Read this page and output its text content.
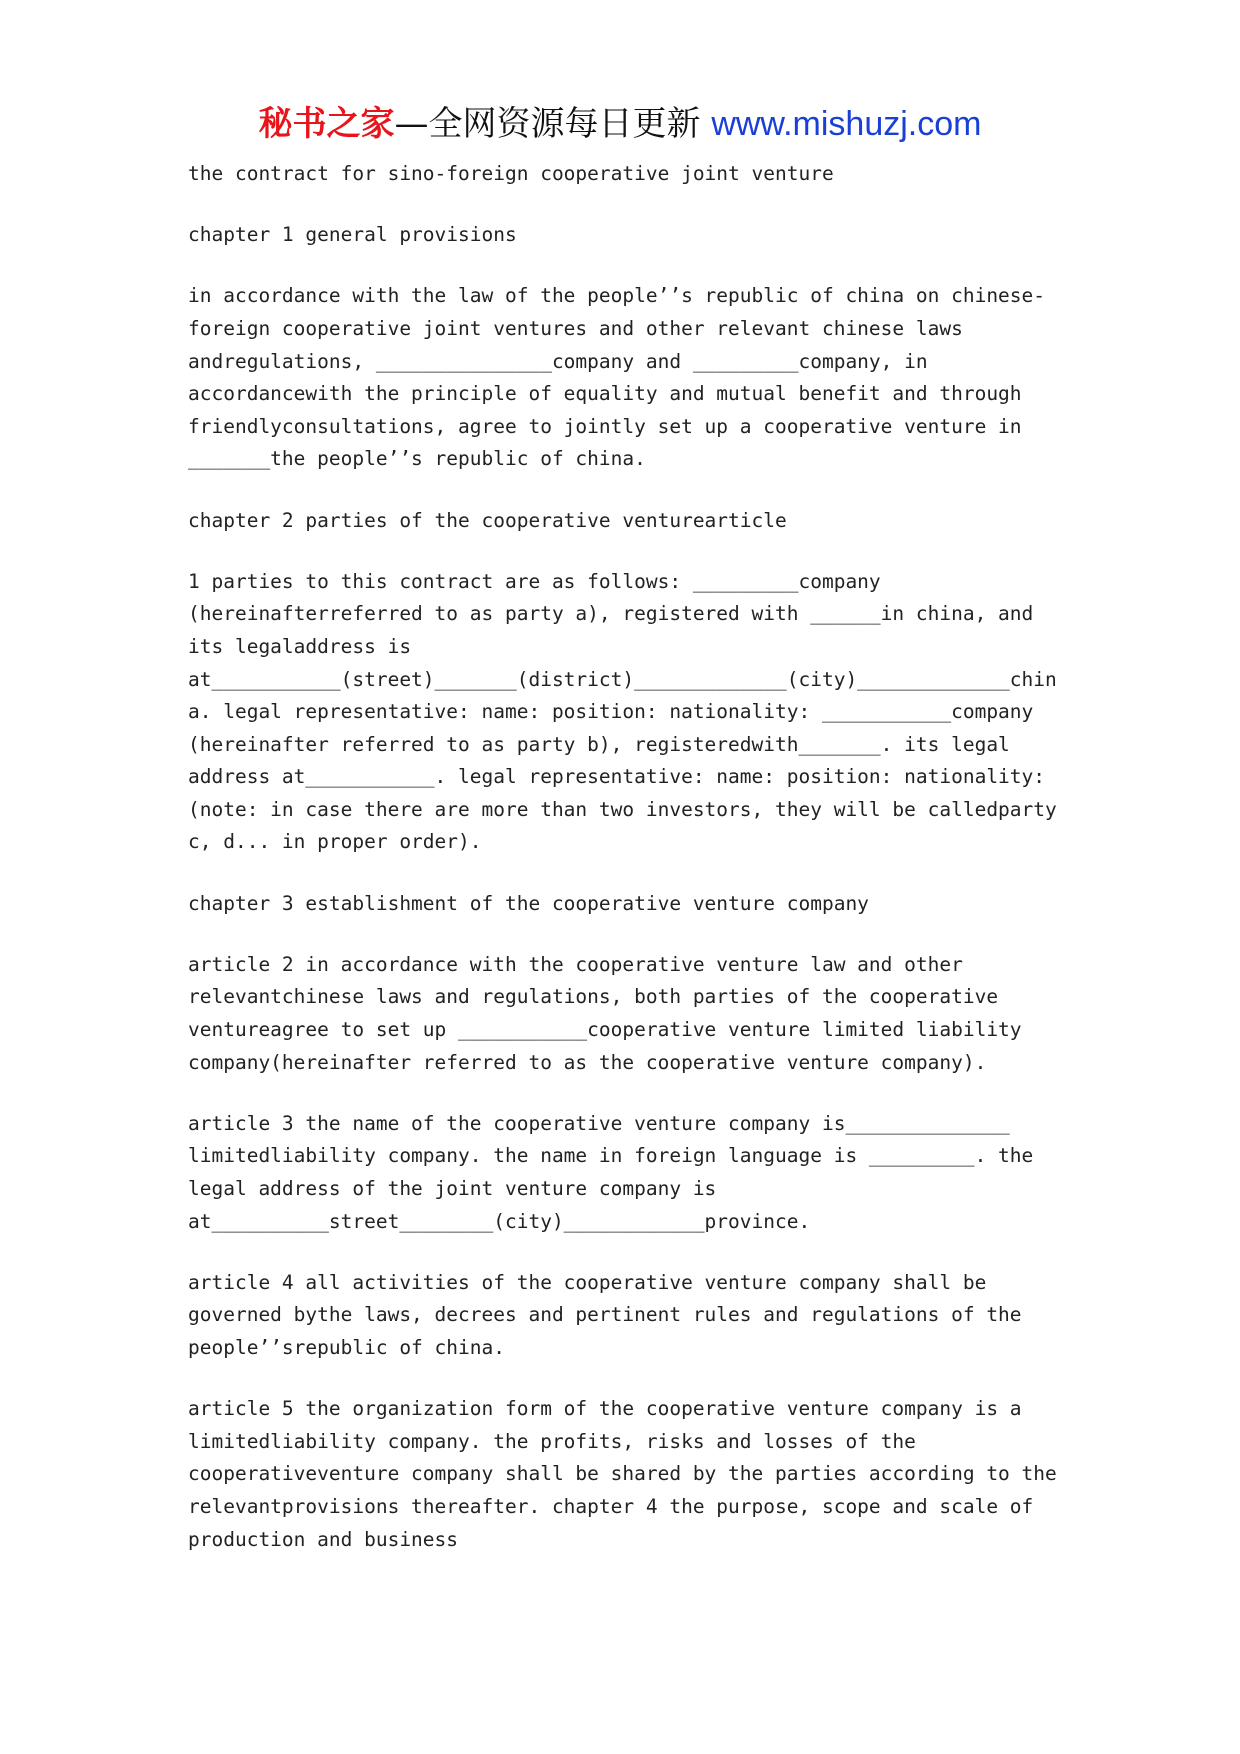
秘书之家—全网资源每日更新 www.mishuzj.com

the contract for sino-foreign cooperative joint venture

chapter 1 general provisions

in accordance with the law of the people’’s republic of china on chinese-foreign cooperative joint ventures and other relevant chinese laws andregulations, _______________company and _________company, in accordancewith the principle of equality and mutual benefit and through friendlyconsultations, agree to jointly set up a cooperative venture in _______the people’’s republic of china.

chapter 2 parties of the cooperative venturearticle

1 parties to this contract are as follows: _________company (hereinafterreferred to as party a), registered with ______in china, and its legaladdress is at___________(street)_______(district)_____________(city)_____________china. legal representative: name: position: nationality: ___________company (hereinafter referred to as party b), registeredwith_______. its legal address at___________. legal representative: name: position: nationality: (note: in case there are more than two investors, they will be calledparty c, d... in proper order).

chapter 3 establishment of the cooperative venture company

article 2 in accordance with the cooperative venture law and other relevantchinese laws and regulations, both parties of the cooperative ventureagree to set up ___________cooperative venture limited liability company(hereinafter referred to as the cooperative venture company).

article 3 the name of the cooperative venture company is______________ limitedliability company. the name in foreign language is _________. the legal address of the joint venture company is at__________street________(city)____________province.

article 4 all activities of the cooperative venture company shall be governed bythe laws, decrees and pertinent rules and regulations of the people’’srepublic of china.

article 5 the organization form of the cooperative venture company is a limitedliability company. the profits, risks and losses of the cooperativeventure company shall be shared by the parties according to the relevantprovisions thereafter. chapter 4 the purpose, scope and scale of production and business
